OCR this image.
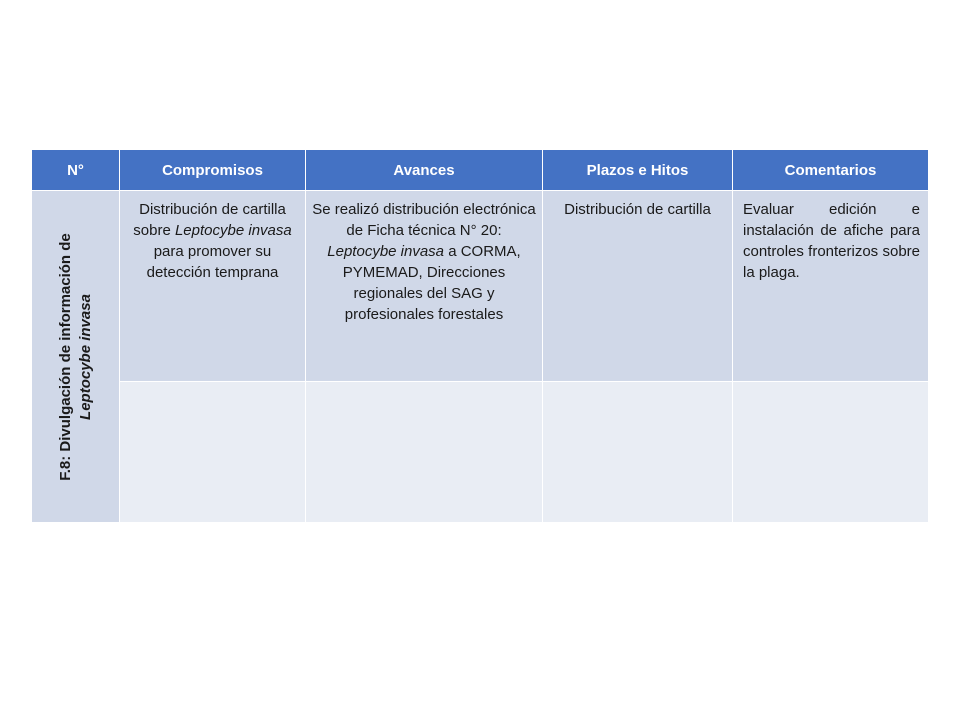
N°	Compromisos	Avances	Plazos e Hitos	Comentarios

F.8: Divulgación de información de Leptocybe invasa	Distribución de cartilla sobre Leptocybe invasa para promover su detección temprana	Se realizó distribución electrónica de Ficha técnica N° 20: Leptocybe invasa a CORMA, PYMEMAD, Direcciones regionales del SAG y profesionales forestales	Distribución de cartilla	Evaluar edición e instalación de afiche para controles fronterizos sobre la plaga.
